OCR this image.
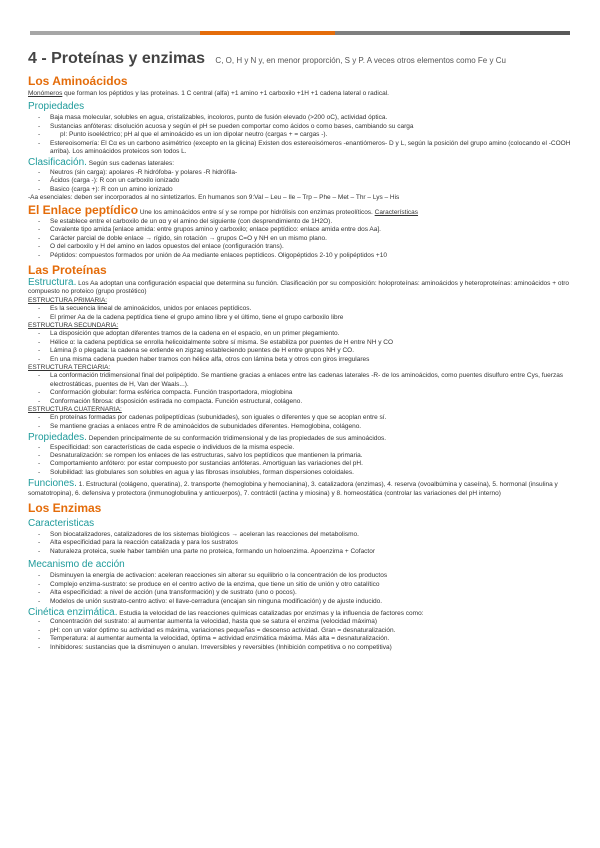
4 - Proteínas y enzimas C, O, H y N y, en menor proporción, S y P. A veces otros elementos como Fe y Cu
Los Aminoácidos

Monómeros que forman los péptidos y las proteínas. 1 C central (alfa) +1 amino +1 carboxilo +1H +1 cadena lateral o radical.

Propiedades
- Baja masa molecular, solubles en agua, cristalizables, incoloros, punto de fusión elevado (>200 oC), actividad óptica.
- Sustancias anfóteras: disolución acuosa y según el pH se pueden comportar como ácidos o como bases, cambiando su carga
- pI: Punto isoeléctrico; pH al que el aminoácido es un ion dipolar neutro (cargas + = cargas -).
- Estereoisomería: El Cα es un carbono asimétrico (excepto en la glicina) Existen dos estereoisómeros -enantiómeros- D y L, según la posición del grupo amino (colocando el -COOH arriba). Los aminoácidos proteicos son todos L.

Clasificación. Según sus cadenas laterales:

- Neutros (sin carga): apolares -R hidrófoba- y polares -R hidrófila-
- Ácidos (carga -): R con un carboxilo ionizado
- Basico (carga +): R con un amino ionizado

-Aa esenciales: deben ser incorporados al no sintetizarlos. En humanos son 9:Val – Leu – Ile – Trp – Phe – Met – Thr – Lys – His

El Enlace peptídico Une los aminoácidos entre sí y se rompe por hidrólisis con enzimas proteolíticos. Características

- Se establece entre el carboxilo de un αα y el amino del siguiente (con desprendimiento de 1H2O).
- Covalente tipo amida [enlace amida: entre grupos amino y carboxilo; enlace peptídico: enlace amida entre dos Aa].
- Carácter parcial de doble enlace → rígido, sin rotación → grupos C=O y NH en un mismo plano.
- O del carboxilo y H del amino en lados opuestos del enlace (configuración trans).
- Péptidos: compuestos formados por unión de Aa mediante enlaces peptídicos. Oligopéptidos 2-10 y polipéptidos +10
Las Proteínas

Estructura. Los Aa adoptan una configuración espacial que determina su función. Clasificación por su composición: holoproteínas: aminoácidos y heteroproteínas: aminoácidos + otro compuesto no proteico (grupo prostético)

ESTRUCTURA PRIMARIA:

- Es la secuencia lineal de aminoácidos, unidos por enlaces peptídicos.
- El primer Aa de la cadena peptídica tiene el grupo amino libre y el último, tiene el grupo carboxilo libre

ESTRUCTURA SECUNDARIA:

- La disposición que adoptan diferentes tramos de la cadena en el espacio, en un primer plegamiento.
- Hélice α: la cadena peptídica se enrolla helicoidalmente sobre sí misma. Se estabiliza por puentes de H entre NH y CO
- Lámina β o plegada: la cadena se extiende en zigzag estableciendo puentes de H entre grupos NH y CO.
- En una misma cadena pueden haber tramos con hélice alfa, otros con lámina beta y otros con giros irregulares

ESTRUCTURA TERCIARIA:

- La conformación tridimensional final del polipéptido. Se mantiene gracias a enlaces entre las cadenas laterales -R- de los aminoácidos, como puentes disulfuro entre Cys, fuerzas electrostáticas, puentes de H, Van der Waals...).
- Conformación globular: forma esférica compacta. Función trasportadora, mioglobina
- Conformación fibrosa: disposición estirada no compacta. Función estructural, colágeno.

ESTRUCTURA CUATERNARIA:

- En proteínas formadas por cadenas polipeptídicas (subunidades), son iguales o diferentes y que se acoplan entre sí.
- Se mantiene gracias a enlaces entre R de aminoácidos de subunidades diferentes. Hemoglobina, colágeno.

Propiedades. Dependen principalmente de su conformación tridimensional y de las propiedades de sus aminoácidos.

- Especificidad: son características de cada especie o individuos de la misma especie.
- Desnaturalización: se rompen los enlaces de las estructuras, salvo los peptídicos que mantienen la primaria.
- Comportamiento anfótero: por estar compuesto por sustancias anfóteras. Amortiguan las variaciones del pH.
- Solubilidad: las globulares son solubles en agua y las fibrosas insolubles, forman dispersiones coloidales.

Funciones. 1. Estructural (colágeno, queratina), 2. transporte (hemoglobina y hemocianina), 3. catalizadora (enzimas), 4. reserva (ovoalbúmina y caseína), 5. hormonal (insulina y somatotropina), 6. defensiva y protectora (inmunoglobulina y anticuerpos), 7. contráctil (actina y miosina) y 8. homeostática (controlar las variaciones del pH interno)

Los Enzimas
Caracteristicas
- Son biocatalizadores, catalizadores de los sistemas biológicos → aceleran las reacciones del metabolismo.
- Alta especificidad para la reacción catalizada y para los sustratos
- Naturaleza proteica, suele haber también una parte no proteica, formando un holoenzima. Apoenzima + Cofactor
Mecanismo de acción
- Disminuyen la energía de activacion: aceleran reacciones sin alterar su equilibrio o la concentración de los productos
- Complejo enzima-sustrato: se produce en el centro activo de la enzima, que tiene un sitio de unión y otro catalítico
- Alta especificidad: a nivel de acción (una transformación) y de sustrato (uno o pocos).
- Modelos de unión sustrato-centro activo: el llave-cerradura (encajan sin ninguna modificación) y de ajuste inducido.

Cinética enzimática. Estudia la velocidad de las reacciones químicas catalizadas por enzimas y la influencia de factores como:

- Concentración del sustrato: al aumentar aumenta la velocidad, hasta que se satura el enzima (velocidad máxima)
- pH: con un valor óptimo su actividad es máxima, variaciones pequeñas = descenso actividad. Gran = desnaturalización.
- Temperatura: al aumentar aumenta la velocidad, óptima = actividad enzimática máxima. Más alta = desnaturalización.
- Inhibidores: sustancias que la disminuyen o anulan. Irreversibles y reversibles (Inhibición competitiva o no competitiva)
